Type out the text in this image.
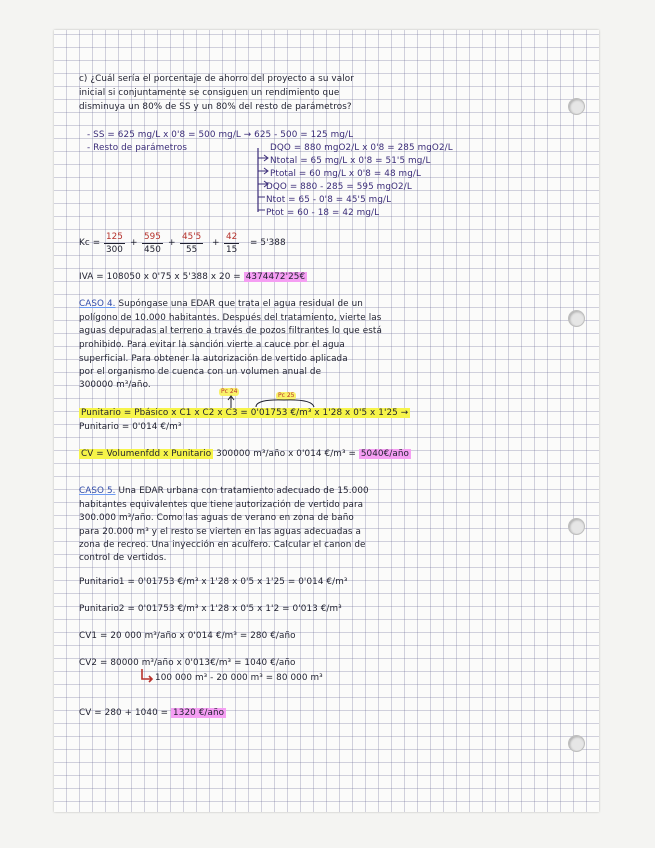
c) ¿Cuál sería el porcentaje de ahorro del proyecto a su valor
inicial si conjuntamente se consiguen un rendimiento que
disminuya un 80% de SS y un 80% del resto de parámetros?
- SS = 625 mg/L x 0'8 = 500 mg/L → 625 - 500 = 125 mg/L
- Resto de parámetros	DQO = 880 mgO2/L x 0'8 = 285 mgO2/L
Ntotal = 65 mg/L x 0'8 = 51'5 mg/L
Ptotal = 60 mg/L x 0'8 = 48 mg/L
DQO = 880 - 285 = 595 mgO2/L
Ntot = 65 - 0'8 = 45'5 mg/L
Ptot = 60 - 18 = 42 mg/L
$Kc = \frac{125}{300} + \frac{595}{450} + \frac{45'5}{55} + \frac{42}{15} = 5'388$
IVA = 108050 x 0'75 x 5'388 x 20 = 4374472'25€
CASO 4. Supóngase una EDAR que trata el agua residual de un
polígono de 10.000 habitantes. Después del tratamiento, vierte las
aguas depuradas al terreno a través de pozos filtrantes lo que está
prohibido. Para evitar la sanción vierte a cauce por el agua
superficial. Para obtener la autorización de vertido aplicada
por el organismo de cuenca con un volumen anual de
300000 m³/año.
Pc 24
Pc 25
Punitario = Pbásico x C1 x C2 x C3 = 0'01753 €/m³ x 1'28 x 0'5 x 1'25 →
Punitario = 0'014 €/m³
CV = Volumenfdd x Punitario 300000 m³/año x 0'014 €/m³ = 5040€/año
CASO 5. Una EDAR urbana con tratamiento adecuado de 15.000
habitantes equivalentes que tiene autorización de vertido para
300.000 m³/año. Como las aguas de verano en zona de baño
para 20.000 m³ y el resto se vierten en las aguas adecuadas a
zona de recreo. Una inyección en acuífero. Calcular el canon de
control de vertidos.
Punitario1 = 0'01753 €/m³ x 1'28 x 0'5 x 1'25 = 0'014 €/m³
Punitario2 = 0'01753 €/m³ x 1'28 x 0'5 x 1'2 = 0'013 €/m³
CV1 = 20 000 m³/año x 0'014 €/m³ = 280 €/año
CV2 = 80000 m³/año x 0'013€/m³ = 1040 €/año
100 000 m³ - 20 000 m³ = 80 000 m³
CV = 280 + 1040 = 1320 €/año
